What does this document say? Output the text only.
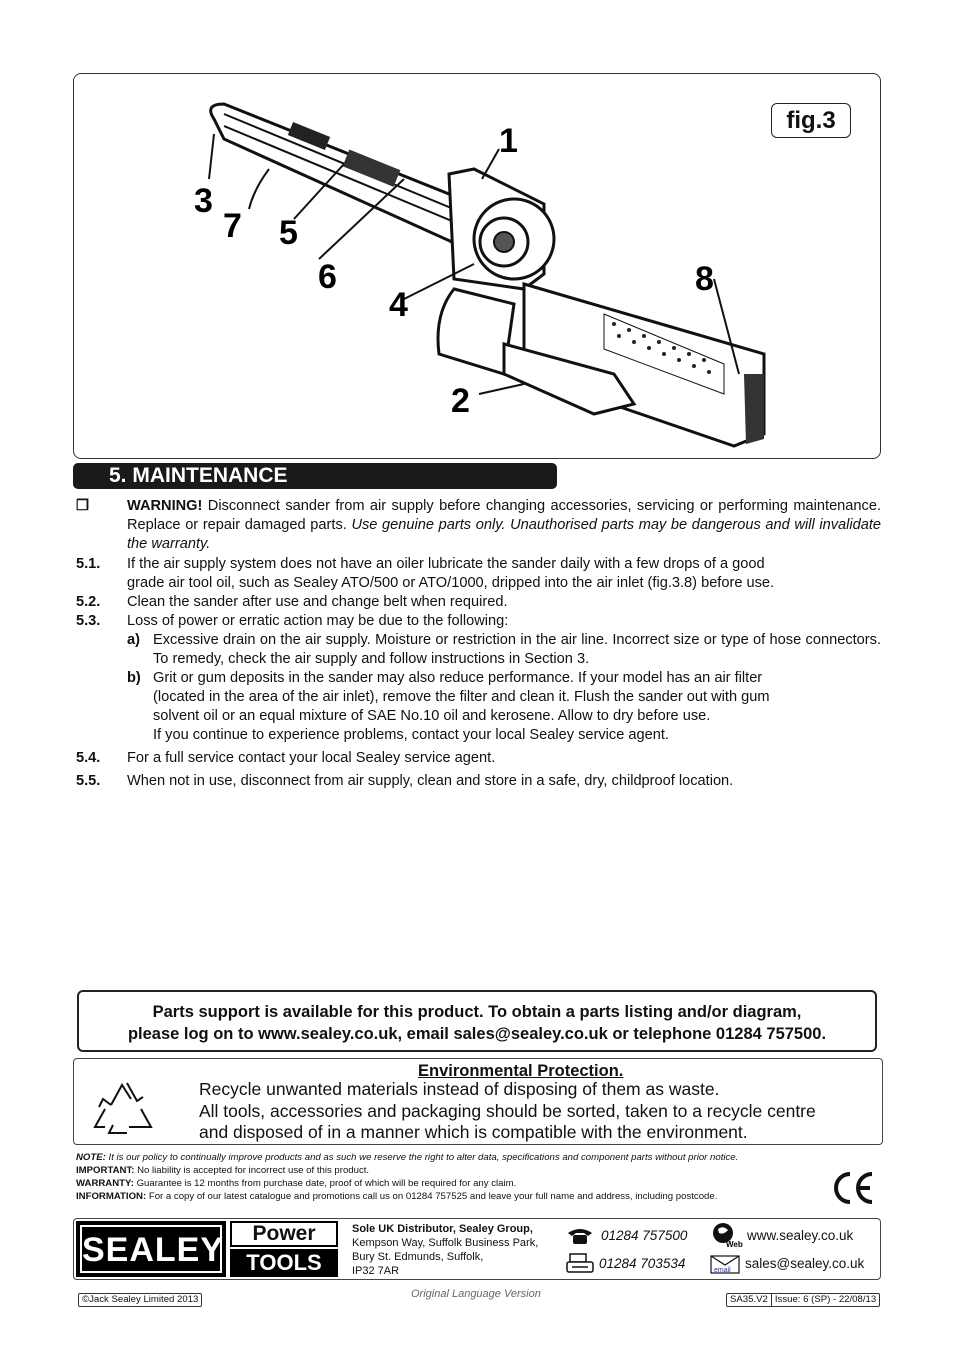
fig.3
1
2
3
4
5
6
7
8
5. MAINTENANCE
❒	WARNING! Disconnect sander from air supply before changing accessories, servicing or performing maintenance. Replace or repair damaged parts. Use genuine parts only. Unauthorised parts may be dangerous and will invalidate the warranty.
5.1. If the air supply system does not have an oiler lubricate the sander daily with a few drops of a good
grade air tool oil, such as Sealey ATO/500 or ATO/1000, dripped into the air inlet (fig.3.8) before use.
5.2. Clean the sander after use and change belt when required.
5.3. Loss of power or erratic action may be due to the following:
a) Excessive drain on the air supply. Moisture or restriction in the air line. Incorrect size or type of hose connectors. To remedy, check the air supply and follow instructions in Section 3.
b) Grit or gum deposits in the sander may also reduce performance. If your model has an air filter
(located in the area of the air inlet), remove the filter and clean it. Flush the sander out with gum
solvent oil or an equal mixture of SAE No.10 oil and kerosene. Allow to dry before use.
If you continue to experience problems, contact your local Sealey service agent.
5.4. For a full service contact your local Sealey service agent.
5.5. When not in use, disconnect from air supply, clean and store in a safe, dry, childproof location.
Parts support is available for this product. To obtain a parts listing and/or diagram,
please log on to www.sealey.co.uk, email sales@sealey.co.uk or telephone 01284 757500.
Environmental Protection.
Recycle unwanted materials instead of disposing of them as waste.
All tools, accessories and packaging should be sorted, taken to a recycle centre
and disposed of in a manner which is compatible with the environment.
NOTE: It is our policy to continually improve products and as such we reserve the right to alter data, specifications and component parts without prior notice.
IMPORTANT: No liability is accepted for incorrect use of this product.
WARRANTY: Guarantee is 12 months from purchase date, proof of which will be required for any claim.
INFORMATION: For a copy of our latest catalogue and promotions call us on 01284 757525 and leave your full name and address, including postcode.
SEALEY	Power
TOOLS
Sole UK Distributor, Sealey Group,
Kempson Way, Suffolk Business Park,
Bury St. Edmunds, Suffolk,
IP32 7AR
01284 757500
01284 703534
Web
www.sealey.co.uk
email sales@sealey.co.uk
©Jack Sealey Limited 2013	Original Language Version	SA35.V2 Issue: 6 (SP) - 22/08/13
